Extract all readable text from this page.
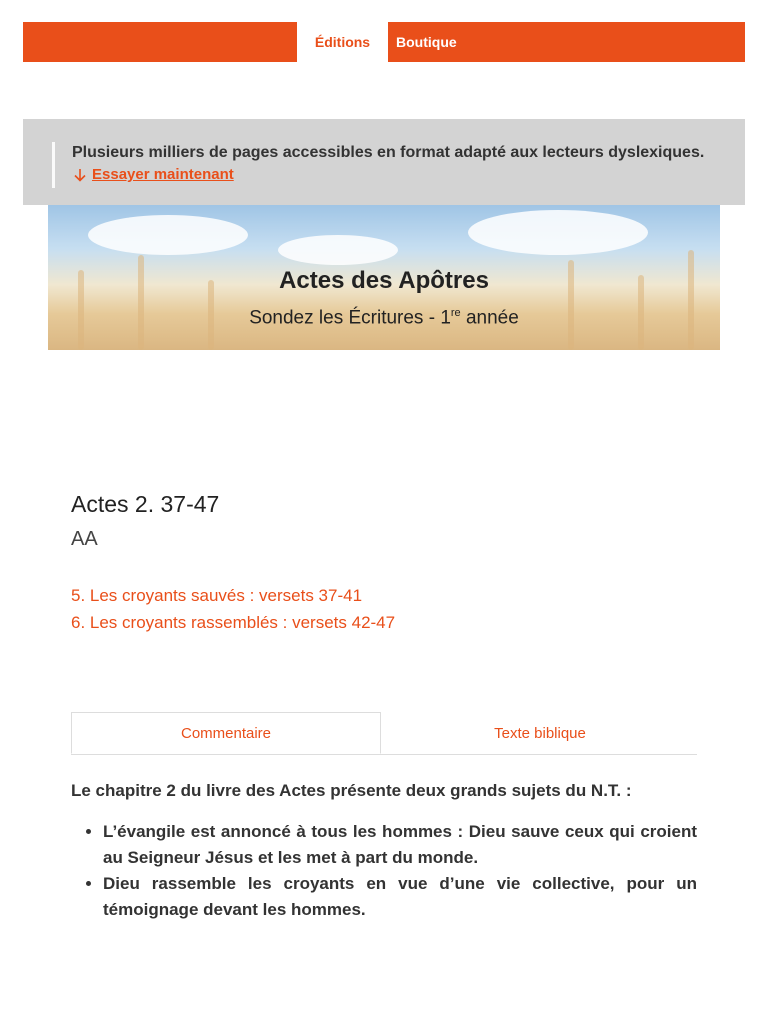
Éditions	Boutique
Plusieurs milliers de pages accessibles en format adapté aux lecteurs dyslexiques.
Essayer maintenant
Actes des Apôtres
Sondez les Écritures - 1re année
Actes 2. 37-47
AA
5. Les croyants sauvés : versets 37-41
6. Les croyants rassemblés : versets 42-47
Commentaire	Texte biblique

Le chapitre 2 du livre des Actes présente deux grands sujets du N.T. :

• L’évangile est annoncé à tous les hommes : Dieu sauve ceux qui croient au Seigneur Jésus et les met à part du monde.
• Dieu rassemble les croyants en vue d’une vie collective, pour un témoignage devant les hommes.
